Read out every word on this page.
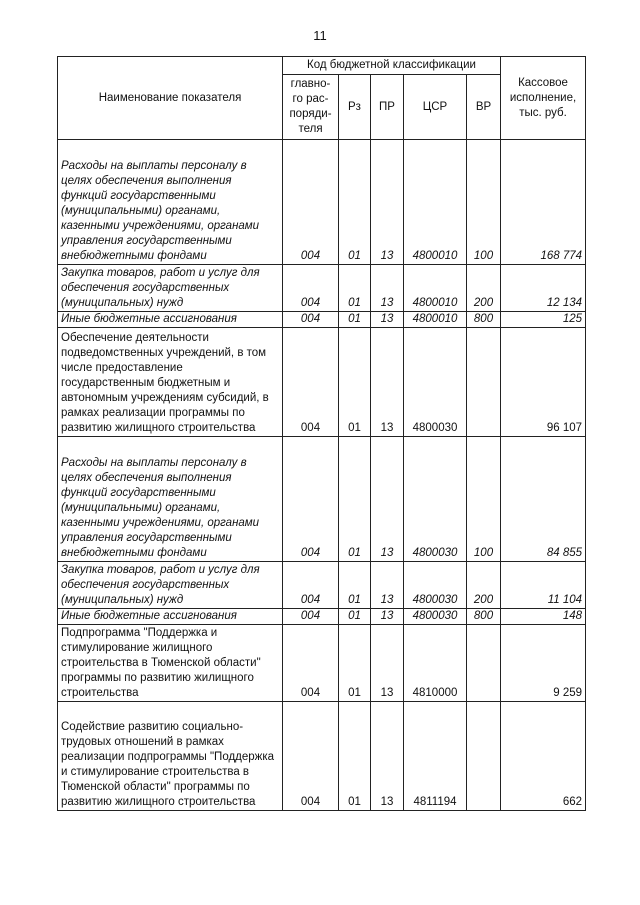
11
Наименование показателя	Код бюджетной классификации					Кассовое исполнение, тыс. руб.
	главно-го рас-поряди-теля	Рз	ПР	ЦСР	ВР	
Расходы на выплаты персоналу в целях обеспечения выполнения функций государственными (муниципальными) органами, казенными учреждениями, органами управления государственными внебюджетными фондами	004	01	13	4800010	100	168 774
Закупка товаров, работ и услуг для обеспечения государственных (муниципальных) нужд	004	01	13	4800010	200	12 134
Иные бюджетные ассигнования	004	01	13	4800010	800	125
Обеспечение деятельности подведомственных учреждений, в том числе предоставление государственным бюджетным и автономным учреждениям субсидий, в рамках реализации программы по развитию жилищного строительства	004	01	13	4800030		96 107
Расходы на выплаты персоналу в целях обеспечения выполнения функций государственными (муниципальными) органами, казенными учреждениями, органами управления государственными внебюджетными фондами	004	01	13	4800030	100	84 855
Закупка товаров, работ и услуг для обеспечения государственных (муниципальных) нужд	004	01	13	4800030	200	11 104
Иные бюджетные ассигнования	004	01	13	4800030	800	148
Подпрограмма "Поддержка и стимулирование жилищного строительства в Тюменской области" программы по развитию жилищного строительства	004	01	13	4810000		9 259
Содействие развитию социально-трудовых отношений в рамках реализации подпрограммы "Поддержка и стимулирование строительства в Тюменской области" программы по развитию жилищного строительства	004	01	13	4811194		662
